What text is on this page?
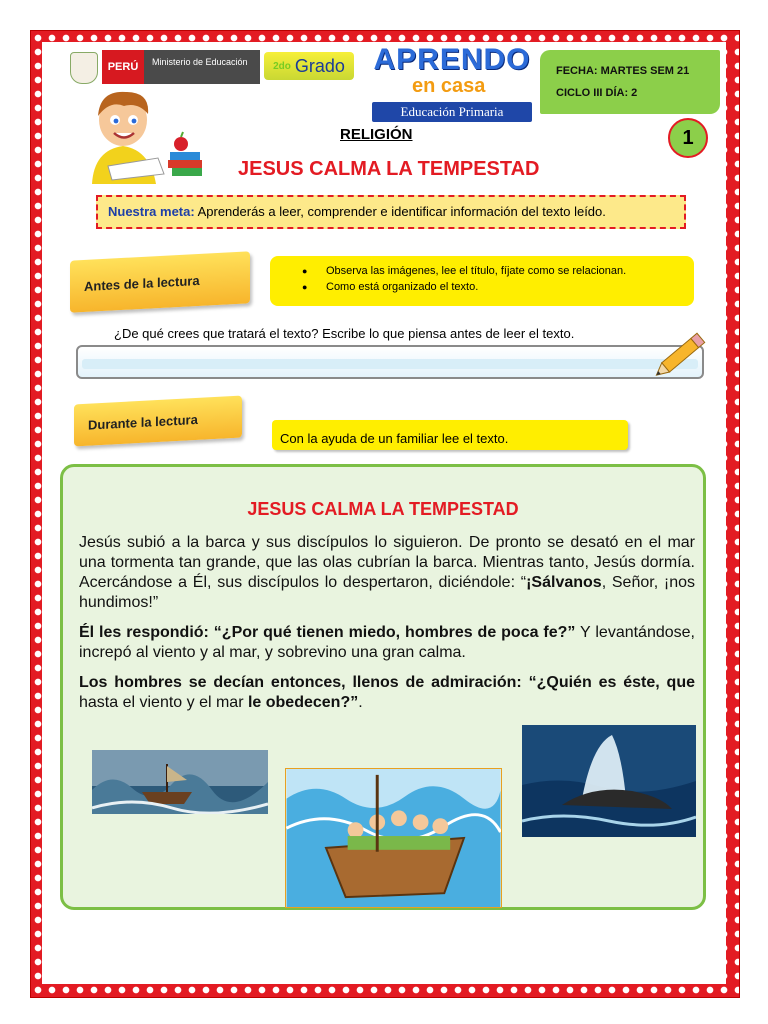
PERÚ	Ministerio de Educación	2do Grado APRENDO
en casa
Educación Primaria
FECHA: MARTES SEM 21
CICLO III DÍA: 2
RELIGIÓN	1
JESUS CALMA LA TEMPESTAD
Nuestra meta: Aprenderás a leer, comprender e identificar información del texto leído.
Antes de la lectura
● Observa las imágenes, lee el título, fíjate como se relacionan.
● Como está organizado el texto.
¿De qué crees que tratará el texto? Escribe lo que piensa antes de leer el texto.
Durante la lectura
Con la ayuda de un familiar lee el texto.
JESUS CALMA LA TEMPESTAD

Jesús subió a la barca y sus discípulos lo siguieron. De pronto se desató en el mar una tormenta tan grande, que las olas cubrían la barca. Mientras tanto, Jesús dormía. Acercándose a Él, sus discípulos lo despertaron, diciéndole: “¡Sálvanos, Señor, ¡nos hundimos!”

Él les respondió: “¿Por qué tienen miedo, hombres de poca fe?” Y levantándose, increpó al viento y al mar, y sobrevino una gran calma.

Los hombres se decían entonces, llenos de admiración: “¿Quién es éste, que hasta el viento y el mar le obedecen?”.
